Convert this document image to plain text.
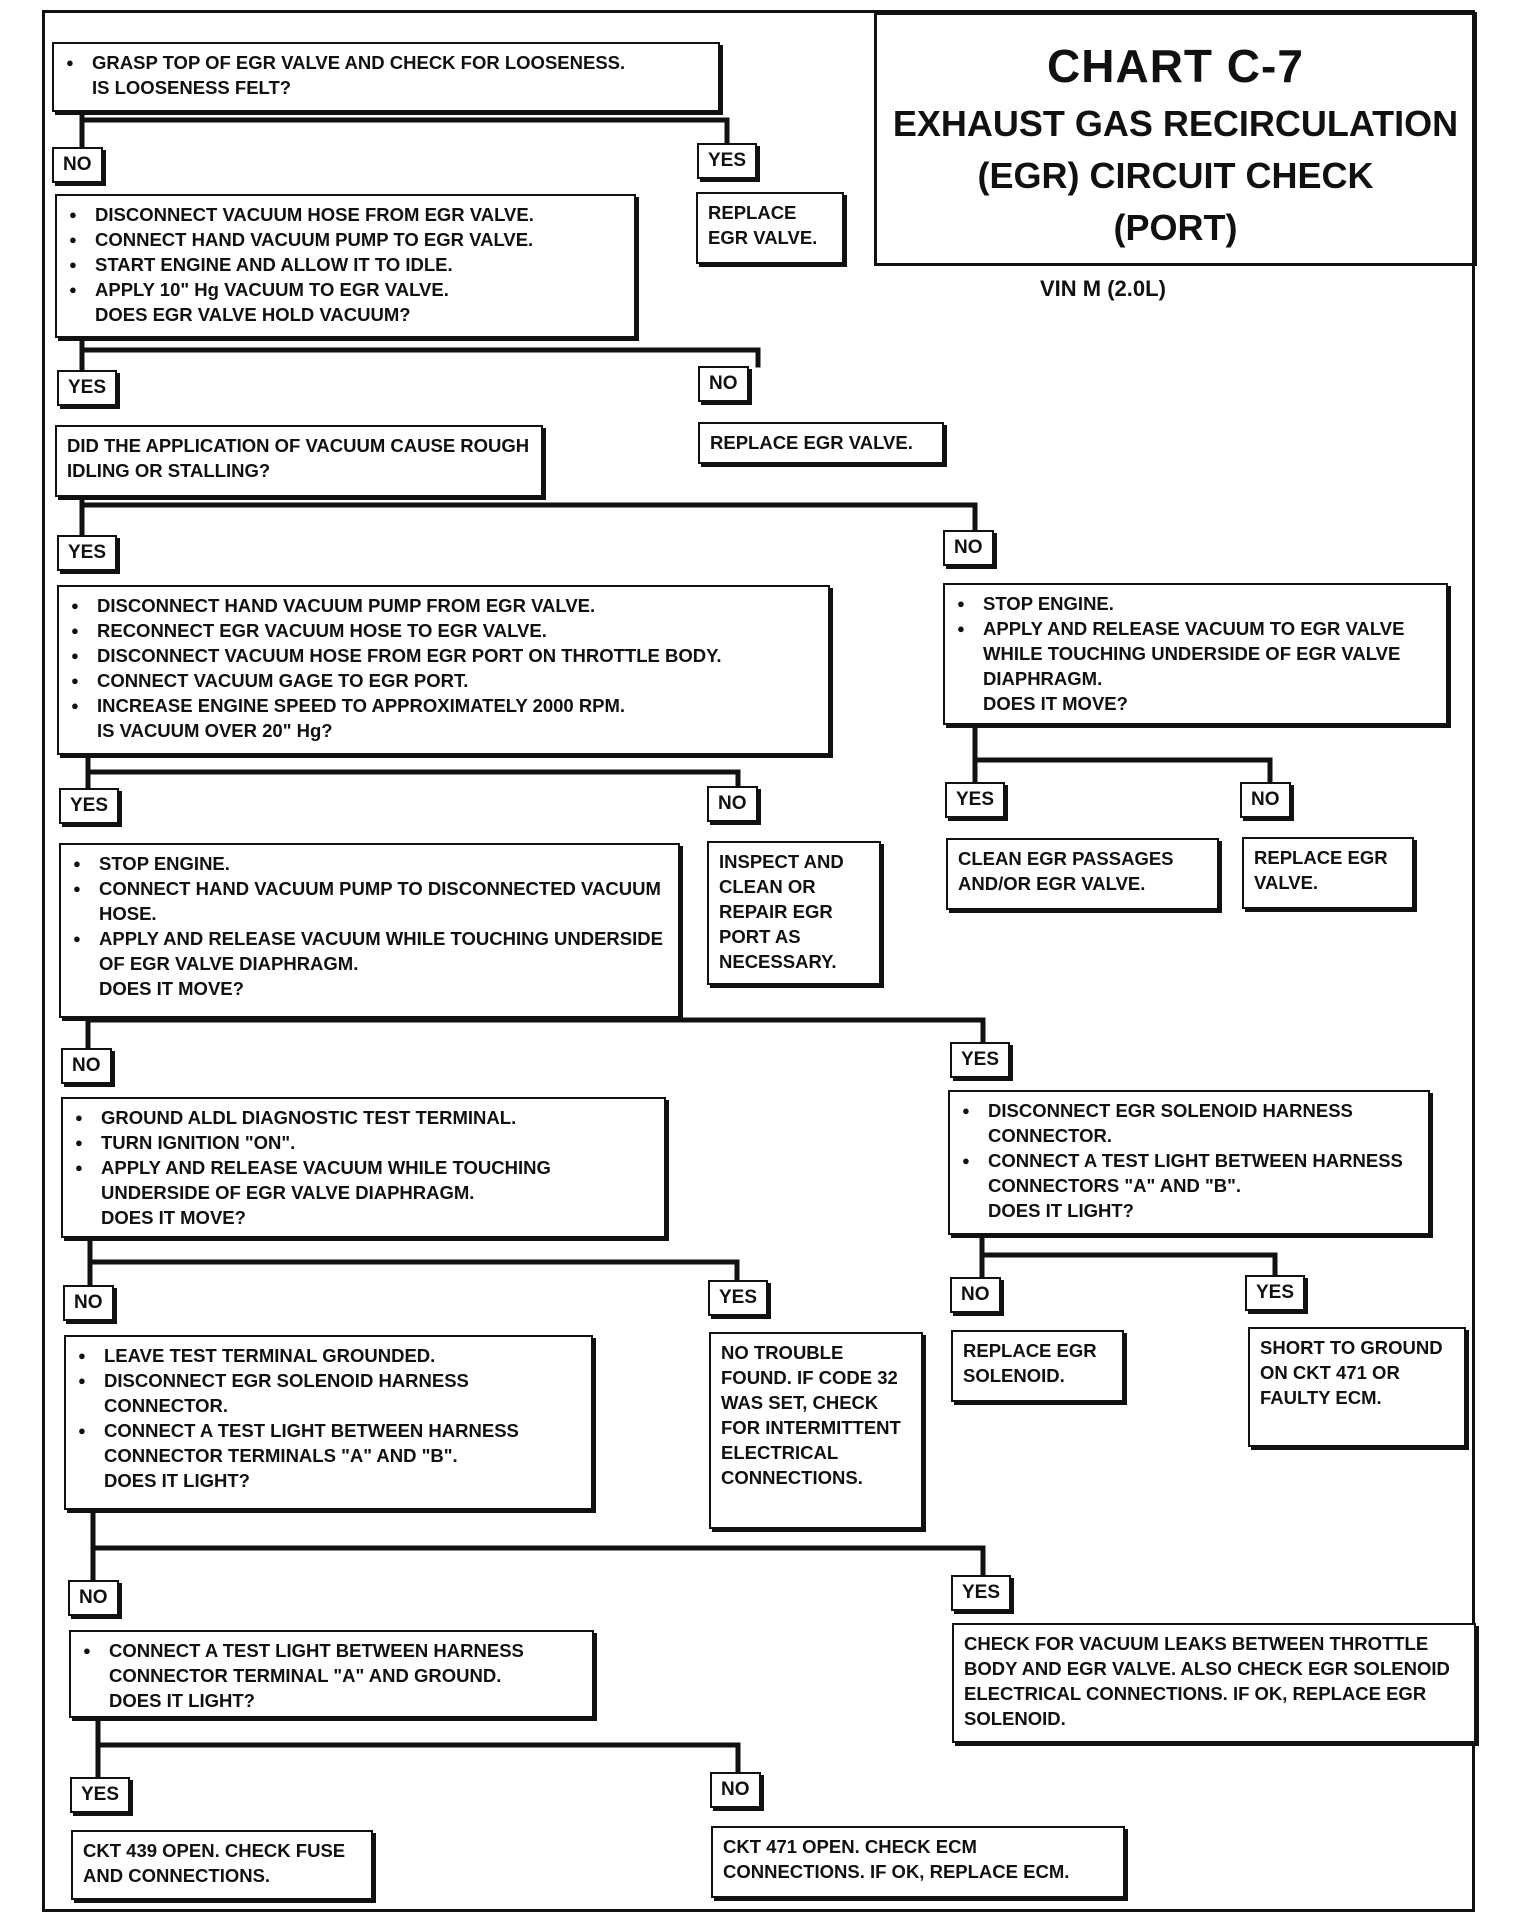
CHART C-7
EXHAUST GAS RECIRCULATION
(EGR) CIRCUIT CHECK
(PORT)
VIN M (2.0L)
● GRASP TOP OF EGR VALVE AND CHECK FOR LOOSENESS.
IS LOOSENESS FELT?
NO	YES
REPLACE EGR VALVE.
● DISCONNECT VACUUM HOSE FROM EGR VALVE.
● CONNECT HAND VACUUM PUMP TO EGR VALVE.
● START ENGINE AND ALLOW IT TO IDLE.
● APPLY 10" Hg VACUUM TO EGR VALVE.
DOES EGR VALVE HOLD VACUUM?
YES	NO
REPLACE EGR VALVE.
DID THE APPLICATION OF VACUUM CAUSE ROUGH IDLING OR STALLING?
YES	NO
● DISCONNECT HAND VACUUM PUMP FROM EGR VALVE.
● RECONNECT EGR VACUUM HOSE TO EGR VALVE.
● DISCONNECT VACUUM HOSE FROM EGR PORT ON THROTTLE BODY.
● CONNECT VACUUM GAGE TO EGR PORT.
● INCREASE ENGINE SPEED TO APPROXIMATELY 2000 RPM.
IS VACUUM OVER 20" Hg?
● STOP ENGINE.
● APPLY AND RELEASE VACUUM TO EGR VALVE WHILE TOUCHING UNDERSIDE OF EGR VALVE DIAPHRAGM.
DOES IT MOVE?
YES	NO
CLEAN EGR PASSAGES AND/OR EGR VALVE.
REPLACE EGR VALVE.
YES	NO
● STOP ENGINE.
● CONNECT HAND VACUUM PUMP TO DISCONNECTED VACUUM HOSE.
● APPLY AND RELEASE VACUUM WHILE TOUCHING UNDERSIDE OF EGR VALVE DIAPHRAGM.
DOES IT MOVE?
INSPECT AND CLEAN OR REPAIR EGR PORT AS NECESSARY.
NO	YES
● GROUND ALDL DIAGNOSTIC TEST TERMINAL.
● TURN IGNITION "ON".
● APPLY AND RELEASE VACUUM WHILE TOUCHING UNDERSIDE OF EGR VALVE DIAPHRAGM.
DOES IT MOVE?
● DISCONNECT EGR SOLENOID HARNESS CONNECTOR.
● CONNECT A TEST LIGHT BETWEEN HARNESS CONNECTORS "A" AND "B".
DOES IT LIGHT?
NO	YES
REPLACE EGR SOLENOID.
SHORT TO GROUND ON CKT 471 OR FAULTY ECM.
NO	YES
● LEAVE TEST TERMINAL GROUNDED.
● DISCONNECT EGR SOLENOID HARNESS CONNECTOR.
● CONNECT A TEST LIGHT BETWEEN HARNESS CONNECTOR TERMINALS "A" AND "B".
DOES IT LIGHT?
NO TROUBLE FOUND. IF CODE 32 WAS SET, CHECK FOR INTERMITTENT ELECTRICAL CONNECTIONS.
NO	YES
● CONNECT A TEST LIGHT BETWEEN HARNESS CONNECTOR TERMINAL "A" AND GROUND.
DOES IT LIGHT?
CHECK FOR VACUUM LEAKS BETWEEN THROTTLE BODY AND EGR VALVE. ALSO CHECK EGR SOLENOID ELECTRICAL CONNECTIONS. IF OK, REPLACE EGR SOLENOID.
YES	NO
CKT 439 OPEN. CHECK FUSE AND CONNECTIONS.
CKT 471 OPEN. CHECK ECM CONNECTIONS. IF OK, REPLACE ECM.
